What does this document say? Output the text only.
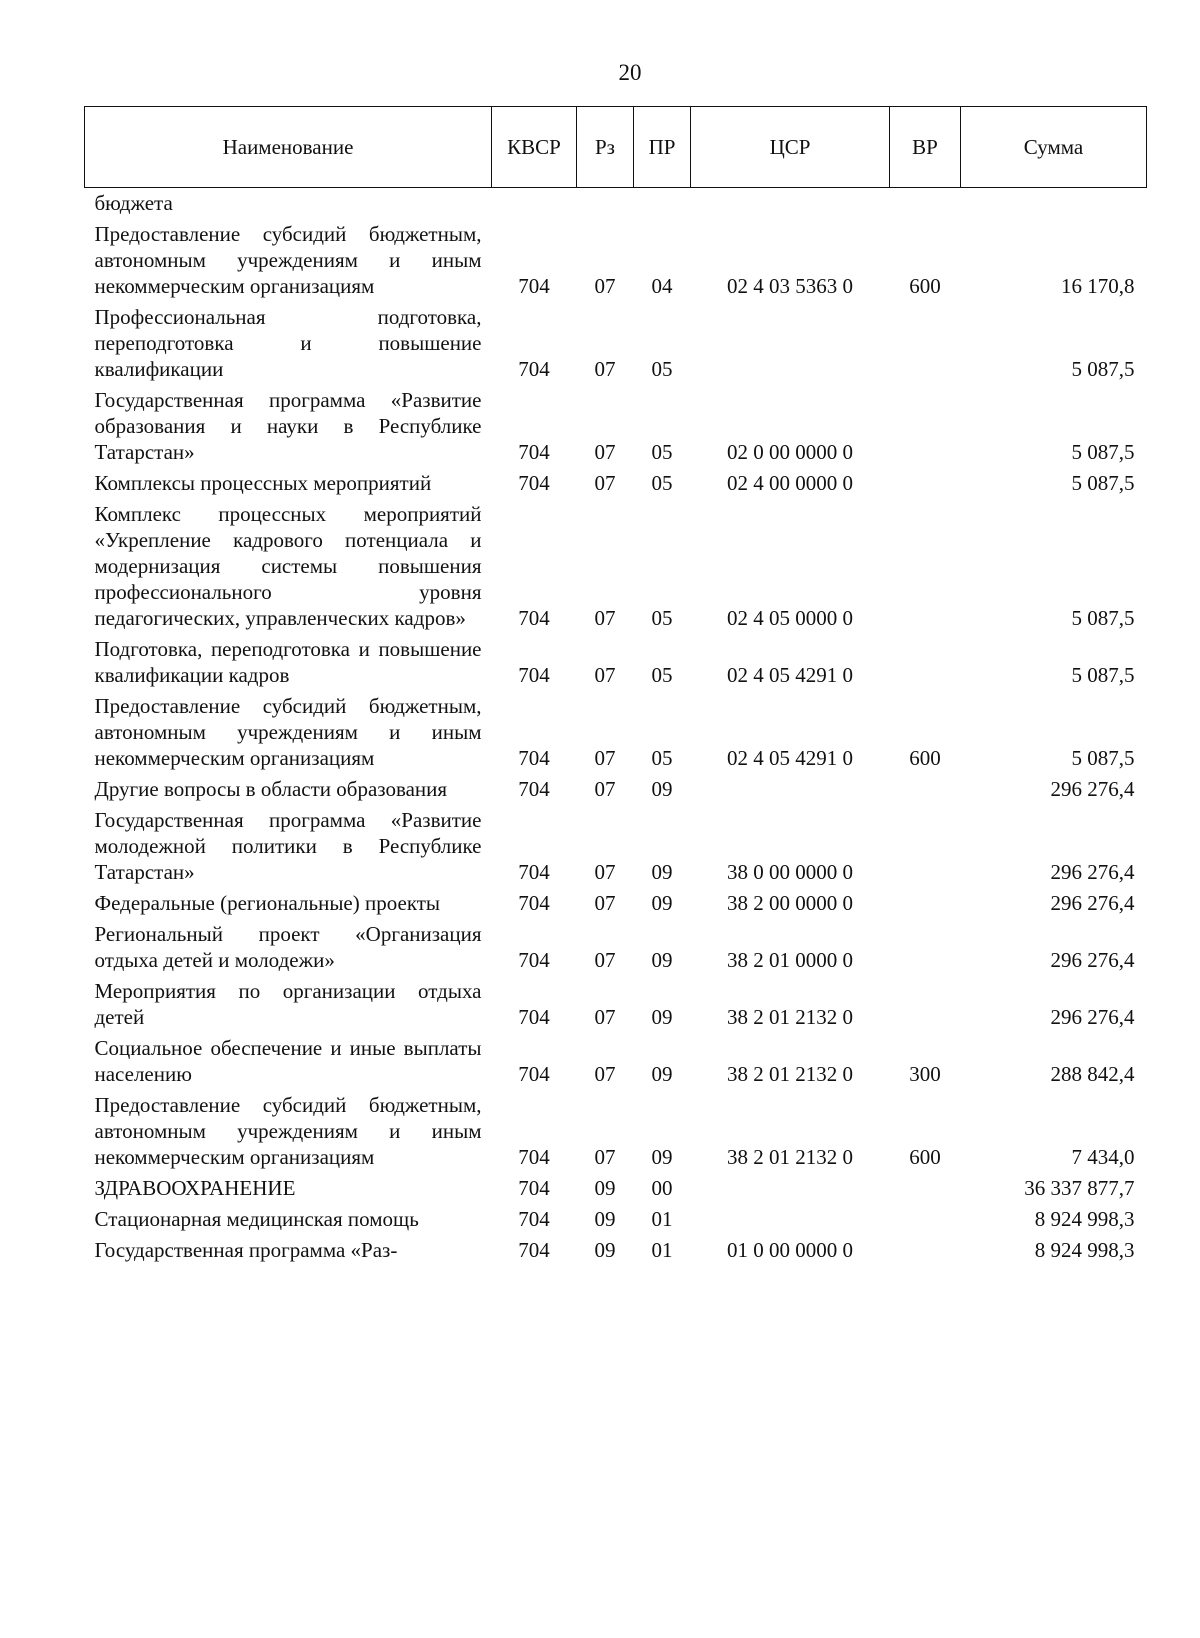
20
Наименование	КВСР	Рз	ПР	ЦСР	ВР	Сумма
бюджета						
Предоставление субсидий бюджетным, автономным учреждениям и иным некоммерческим организациям	704	07	04	02 4 03 5363 0	600	16 170,8
Профессиональная подготовка, переподготовка и повышение квалификации	704	07	05			5 087,5
Государственная программа «Развитие образования и науки в Республике Татарстан»	704	07	05	02 0 00 0000 0		5 087,5
Комплексы процессных мероприятий	704	07	05	02 4 00 0000 0		5 087,5
Комплекс процессных мероприятий «Укрепление кадрового потенциала и модернизация системы повышения профессионального уровня педагогических, управленческих кадров»	704	07	05	02 4 05 0000 0		5 087,5
Подготовка, переподготовка и повышение квалификации кадров	704	07	05	02 4 05 4291 0		5 087,5
Предоставление субсидий бюджетным, автономным учреждениям и иным некоммерческим организациям	704	07	05	02 4 05 4291 0	600	5 087,5
Другие вопросы в области образования	704	07	09			296 276,4
Государственная программа «Развитие молодежной политики в Республике Татарстан»	704	07	09	38 0 00 0000 0		296 276,4
Федеральные (региональные) проекты	704	07	09	38 2 00 0000 0		296 276,4
Региональный проект «Организация отдыха детей и молодежи»	704	07	09	38 2 01 0000 0		296 276,4
Мероприятия по организации отдыха детей	704	07	09	38 2 01 2132 0		296 276,4
Социальное обеспечение и иные выплаты населению	704	07	09	38 2 01 2132 0	300	288 842,4
Предоставление субсидий бюджетным, автономным учреждениям и иным некоммерческим организациям	704	07	09	38 2 01 2132 0	600	7 434,0
ЗДРАВООХРАНЕНИЕ	704	09	00			36 337 877,7
Стационарная медицинская помощь	704	09	01			8 924 998,3
Государственная программа «Раз-	704	09	01	01 0 00 0000 0		8 924 998,3
